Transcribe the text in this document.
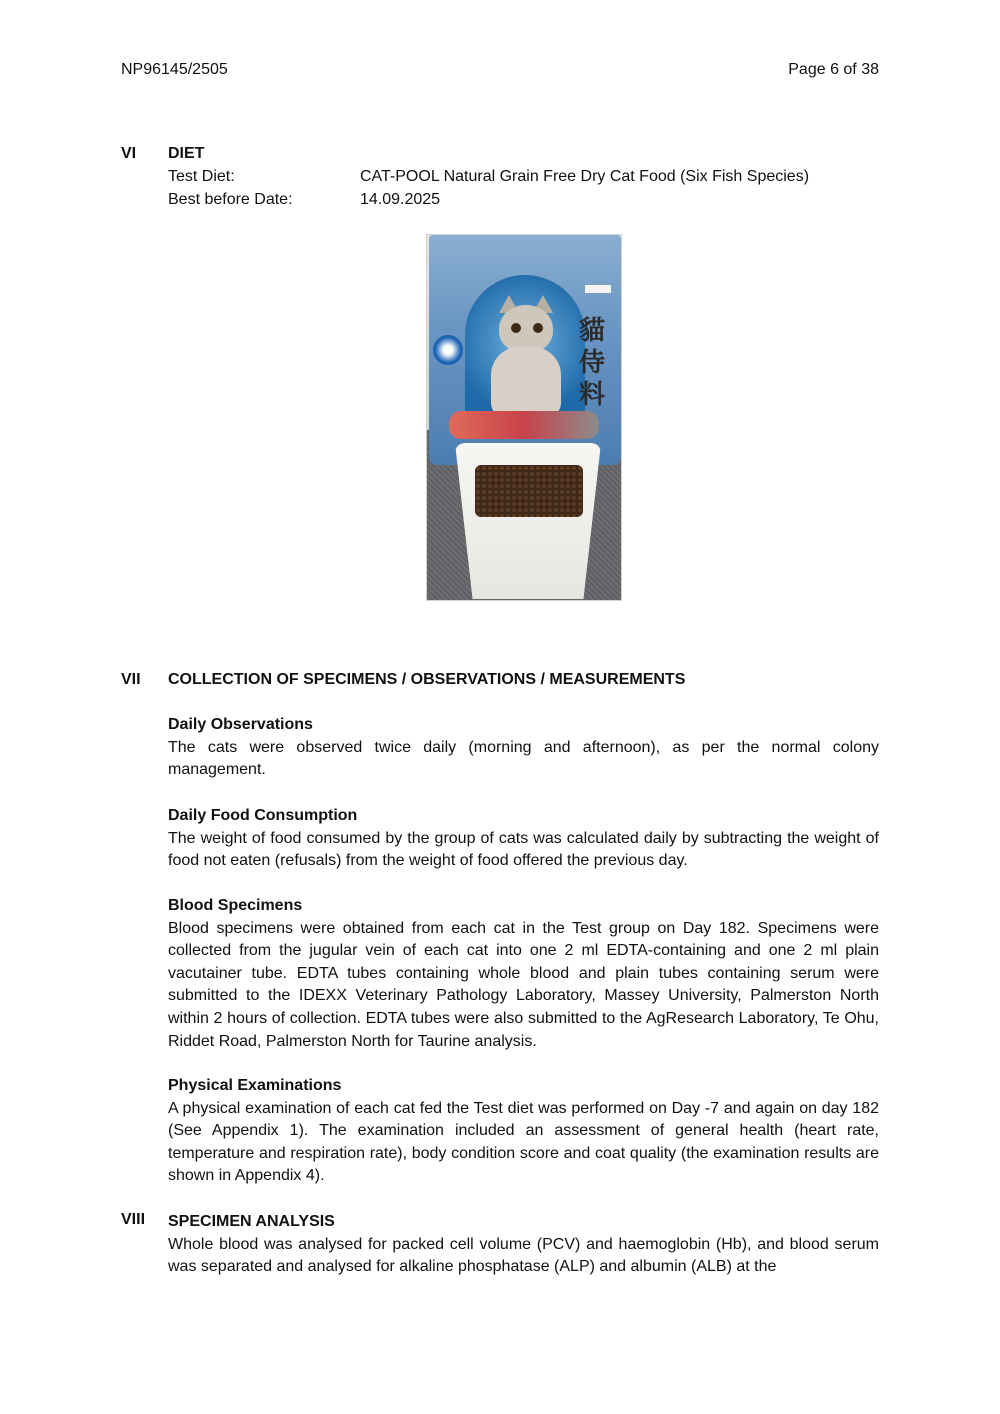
NP96145/2505	Page 6 of 38
VI DIET
Test Diet:	CAT-POOL Natural Grain Free Dry Cat Food (Six Fish Species)
Best before Date:	14.09.2025
貓侍料
VII COLLECTION OF SPECIMENS / OBSERVATIONS / MEASUREMENTS
Daily Observations

The cats were observed twice daily (morning and afternoon), as per the normal colony management.

Daily Food Consumption

The weight of food consumed by the group of cats was calculated daily by subtracting the weight of food not eaten (refusals) from the weight of food offered the previous day.

Blood Specimens

Blood specimens were obtained from each cat in the Test group on Day 182. Specimens were collected from the jugular vein of each cat into one 2 ml EDTA-containing and one 2 ml plain vacutainer tube. EDTA tubes containing whole blood and plain tubes containing serum were submitted to the IDEXX Veterinary Pathology Laboratory, Massey University, Palmerston North within 2 hours of collection. EDTA tubes were also submitted to the AgResearch Laboratory, Te Ohu, Riddet Road, Palmerston North for Taurine analysis.

Physical Examinations

A physical examination of each cat fed the Test diet was performed on Day -7 and again on day 182 (See Appendix 1). The examination included an assessment of general health (heart rate, temperature and respiration rate), body condition score and coat quality (the examination results are shown in Appendix 4).

VIII SPECIMEN ANALYSIS

Whole blood was analysed for packed cell volume (PCV) and haemoglobin (Hb), and blood serum was separated and analysed for alkaline phosphatase (ALP) and albumin (ALB) at the
